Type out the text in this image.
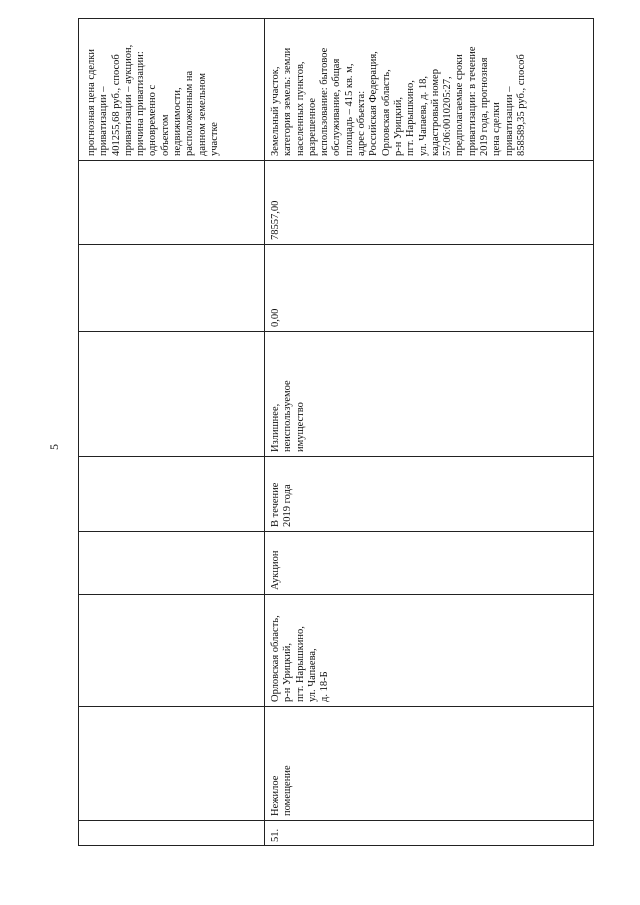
5
прогнозная цена сделки
приватизации –
401255,68 руб., способ
приватизации – аукцион,
причина приватизации:
одновременно с
объектом
недвижимости,
расположенным на
данном земельном
участке	Земельный участок,
категория земель: земли
населенных пунктов,
разрешенное
использование: бытовое
обслуживание, общая
площадь – 415 кв. м,
адрес объекта:
Российская Федерация,
Орловская область,
р-н Урицкий,
пгт. Нарышкино,
ул. Чапаева, д. 18,
кадастровый номер
57:06:0010205:27,
предполагаемые сроки
приватизации: в течение
2019 года, прогнозная
цена сделки
приватизации –
858589,35 руб., способ
78557,00
0,00
Излишнее,
неиспользуемое
имущество
В течение
2019 года
Аукцион
Орловская область,
р-н Урицкий,
пгт. Нарышкино,
ул. Чапаева,
д. 18-Б
Нежилое
помещение
51.
